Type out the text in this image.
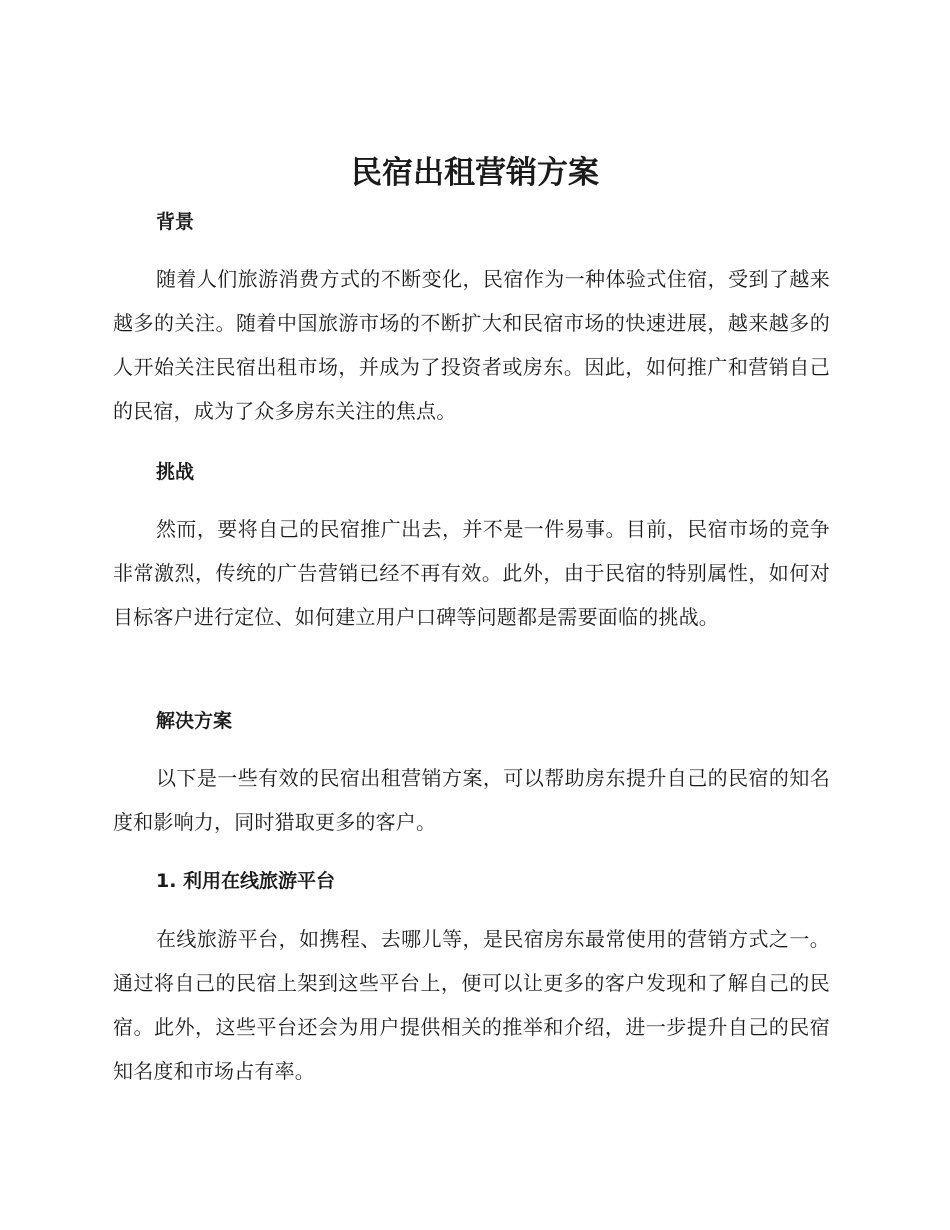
民宿出租营销方案
背景
随着人们旅游消费方式的不断变化，民宿作为一种体验式住宿，受到了越来越多的关注。随着中国旅游市场的不断扩大和民宿市场的快速进展，越来越多的人开始关注民宿出租市场，并成为了投资者或房东。因此，如何推广和营销自己的民宿，成为了众多房东关注的焦点。
挑战
然而，要将自己的民宿推广出去，并不是一件易事。目前，民宿市场的竞争非常激烈，传统的广告营销已经不再有效。此外，由于民宿的特别属性，如何对目标客户进行定位、如何建立用户口碑等问题都是需要面临的挑战。
解决方案
以下是一些有效的民宿出租营销方案，可以帮助房东提升自己的民宿的知名度和影响力，同时猎取更多的客户。
1. 利用在线旅游平台
在线旅游平台，如携程、去哪儿等，是民宿房东最常使用的营销方式之一。通过将自己的民宿上架到这些平台上，便可以让更多的客户发现和了解自己的民宿。此外，这些平台还会为用户提供相关的推举和介绍，进一步提升自己的民宿知名度和市场占有率。
